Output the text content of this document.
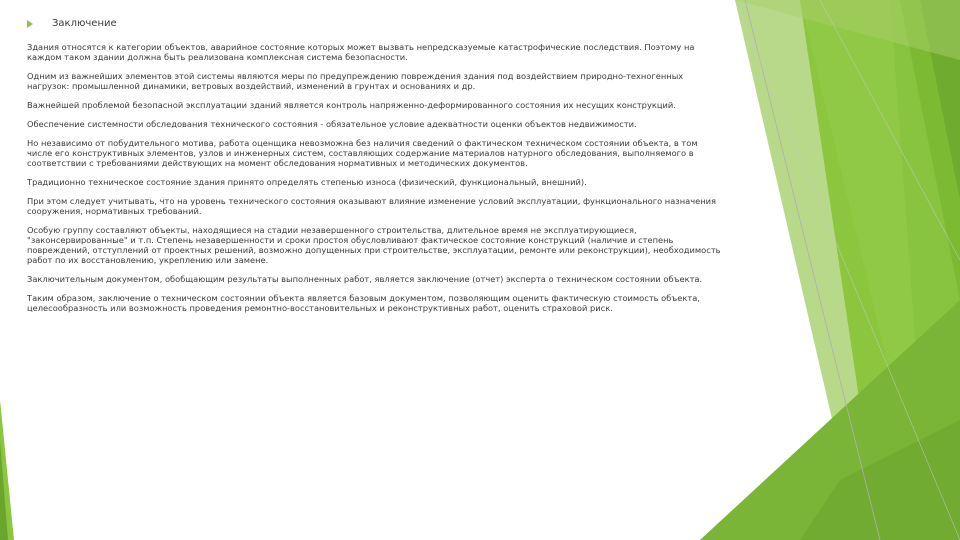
Заключение

Здания относятся к категории объектов, аварийное состояние которых может вызвать непредсказуемые катастрофические последствия. Поэтому на каждом таком здании должна быть реализована комплексная система безопасности.

Одним из важнейших элементов этой системы являются меры по предупреждению повреждения здания под воздействием природно-техногенных нагрузок: промышленной динамики, ветровых воздействий, изменений в грунтах и основаниях и др.

Важнейшей проблемой безопасной эксплуатации зданий является контроль напряженно-деформированного состояния их несущих конструкций.

Обеспечение системности обследования технического состояния - обязательное условие адекватности оценки объектов недвижимости.

Но независимо от побудительного мотива, работа оценщика невозможна без наличия сведений о фактическом техническом состоянии объекта, в том числе его конструктивных элементов, узлов и инженерных систем, составляющих содержание материалов натурного обследования, выполняемого в соответствии с требованиями действующих на момент обследования нормативных и методических документов.

Традиционно техническое состояние здания принято определять степенью износа (физический, функциональный, внешний).

При этом следует учитывать, что на уровень технического состояния оказывают влияние изменение условий эксплуатации, функционального назначения сооружения, нормативных требований.

Особую группу составляют объекты, находящиеся на стадии незавершенного строительства, длительное время не эксплуатирующиеся, "законсервированные" и т.п. Степень незавершенности и сроки простоя обусловливают фактическое состояние конструкций (наличие и степень повреждений, отступлений от проектных решений, возможно допущенных при строительстве, эксплуатации, ремонте или реконструкции), необходимость работ по их восстановлению, укреплению или замене.

Заключительным документом, обобщающим результаты выполненных работ, является заключение (отчет) эксперта о техническом состоянии объекта.

Таким образом, заключение о техническом состоянии объекта является базовым документом, позволяющим оценить фактическую стоимость объекта, целесообразность или возможность проведения ремонтно-восстановительных и реконструктивных работ, оценить страховой риск.
